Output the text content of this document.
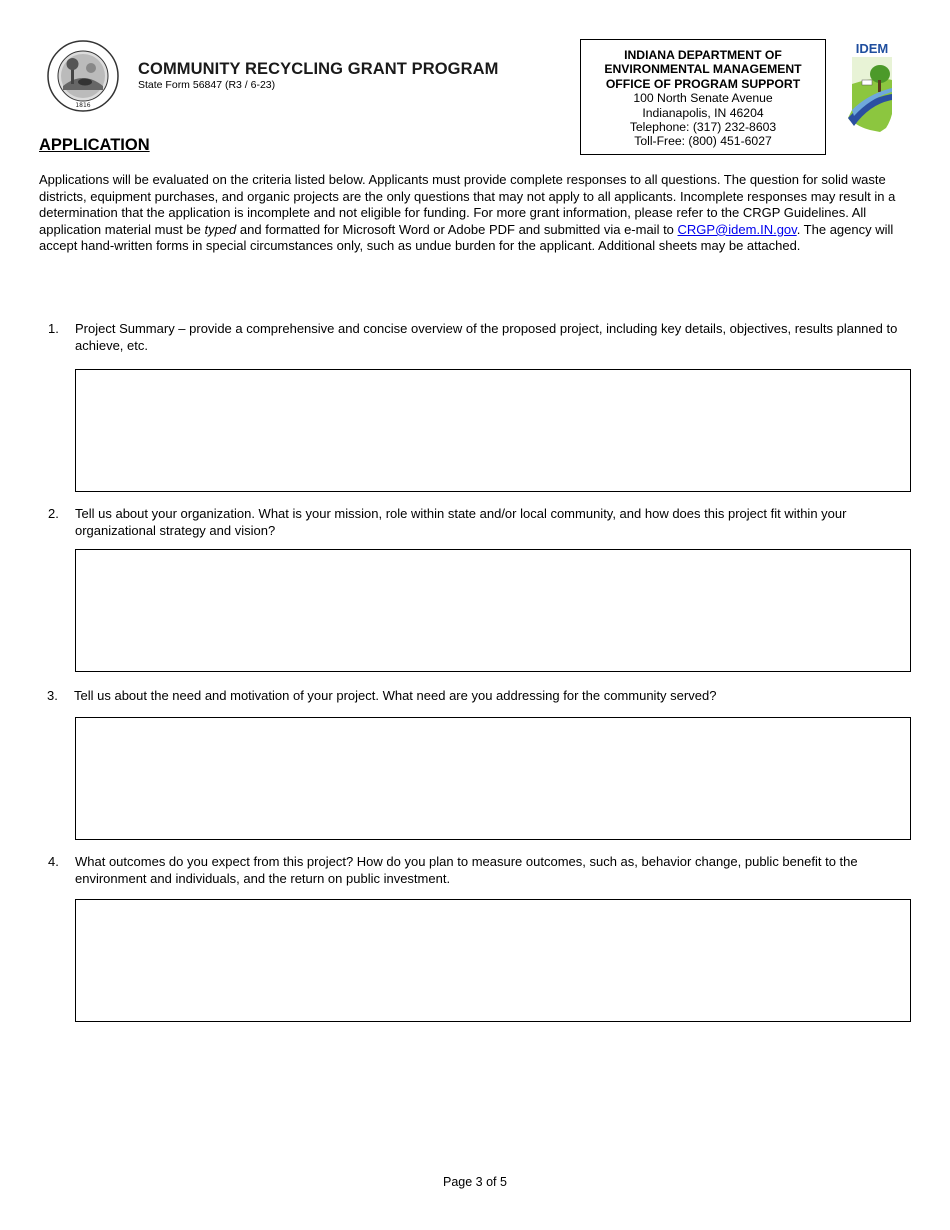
1816
COMMUNITY RECYCLING GRANT PROGRAM
State Form 56847 (R3 / 6-23)
INDIANA DEPARTMENT OF
ENVIRONMENTAL MANAGEMENT
OFFICE OF PROGRAM SUPPORT
100 North Senate Avenue
Indianapolis, IN 46204
Telephone: (317) 232-8603
Toll-Free: (800) 451-6027
IDEM
APPLICATION
Applications will be evaluated on the criteria listed below. Applicants must provide complete responses to all questions. The question for solid waste districts, equipment purchases, and organic projects are the only questions that may not apply to all applicants. Incomplete responses may result in a determination that the application is incomplete and not eligible for funding. For more grant information, please refer to the CRGP Guidelines. All application material must be typed and formatted for Microsoft Word or Adobe PDF and submitted via e-mail to CRGP@idem.IN.gov. The agency will accept hand-written forms in special circumstances only, such as undue burden for the applicant. Additional sheets may be attached.
1. Project Summary – provide a comprehensive and concise overview of the proposed project, including key details, objectives, results planned to achieve, etc.
2. Tell us about your organization. What is your mission, role within state and/or local community, and how does this project fit within your organizational strategy and vision?
3. Tell us about the need and motivation of your project. What need are you addressing for the community served?
4. What outcomes do you expect from this project? How do you plan to measure outcomes, such as, behavior change, public benefit to the environment and individuals, and the return on public investment.
Page 3 of 5
